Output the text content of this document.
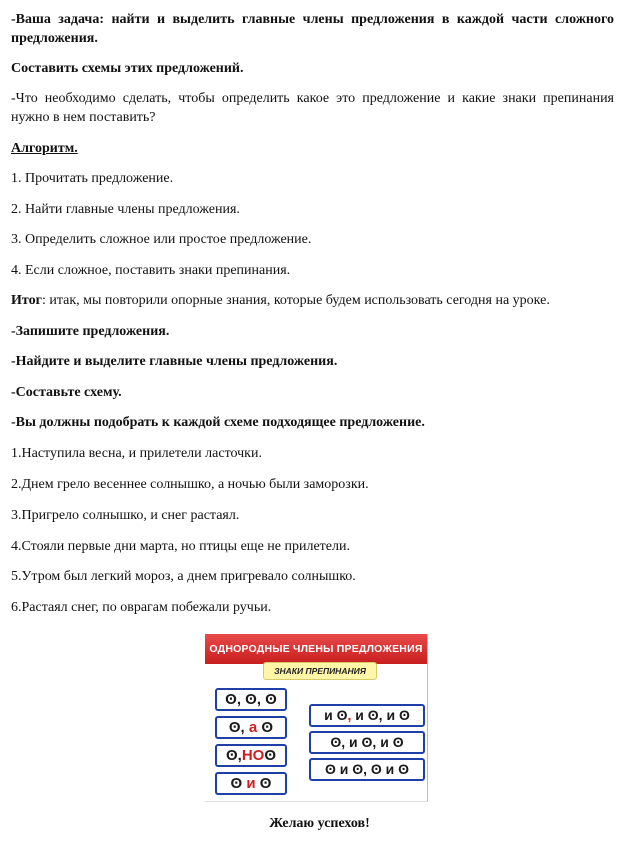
-Ваша задача: найти и выделить главные члены предложения в каждой части сложного предложения.

Составить схемы этих предложений.

-Что необходимо сделать, чтобы определить какое это предложение и какие знаки препинания нужно в нем поставить?

Алгоритм.

1. Прочитать предложение.

2. Найти главные члены предложения.

3. Определить сложное или простое предложение.

4. Если сложное, поставить знаки препинания.

Итог: итак, мы повторили опорные знания, которые будем использовать сегодня на уроке.

-Запишите предложения.

-Найдите и выделите главные члены предложения.

-Составьте схему.

-Вы должны подобрать к каждой схеме подходящее предложение.

1.Наступила весна, и прилетели ласточки.

2.Днем грело весеннее солнышко, а ночью были заморозки.

3.Пригрело солнышко, и снег растаял.

4.Стояли первые дни марта, но птицы еще не прилетели.

5.Утром был легкий мороз, а днем пригревало солнышко.

6.Растаял снег, по оврагам побежали ручьи.

ОДНОРОДНЫЕ ЧЛЕНЫ ПРЕДЛОЖЕНИЯ
ЗНАКИ ПРЕПИНАНИЯ
ʘ, ʘ, ʘ
ʘ, а ʘ
ʘ,НОʘ
ʘ и ʘ
и ʘ, и ʘ, и ʘ
ʘ, и ʘ, и ʘ
ʘ и ʘ, ʘ и ʘ
Желаю успехов!
